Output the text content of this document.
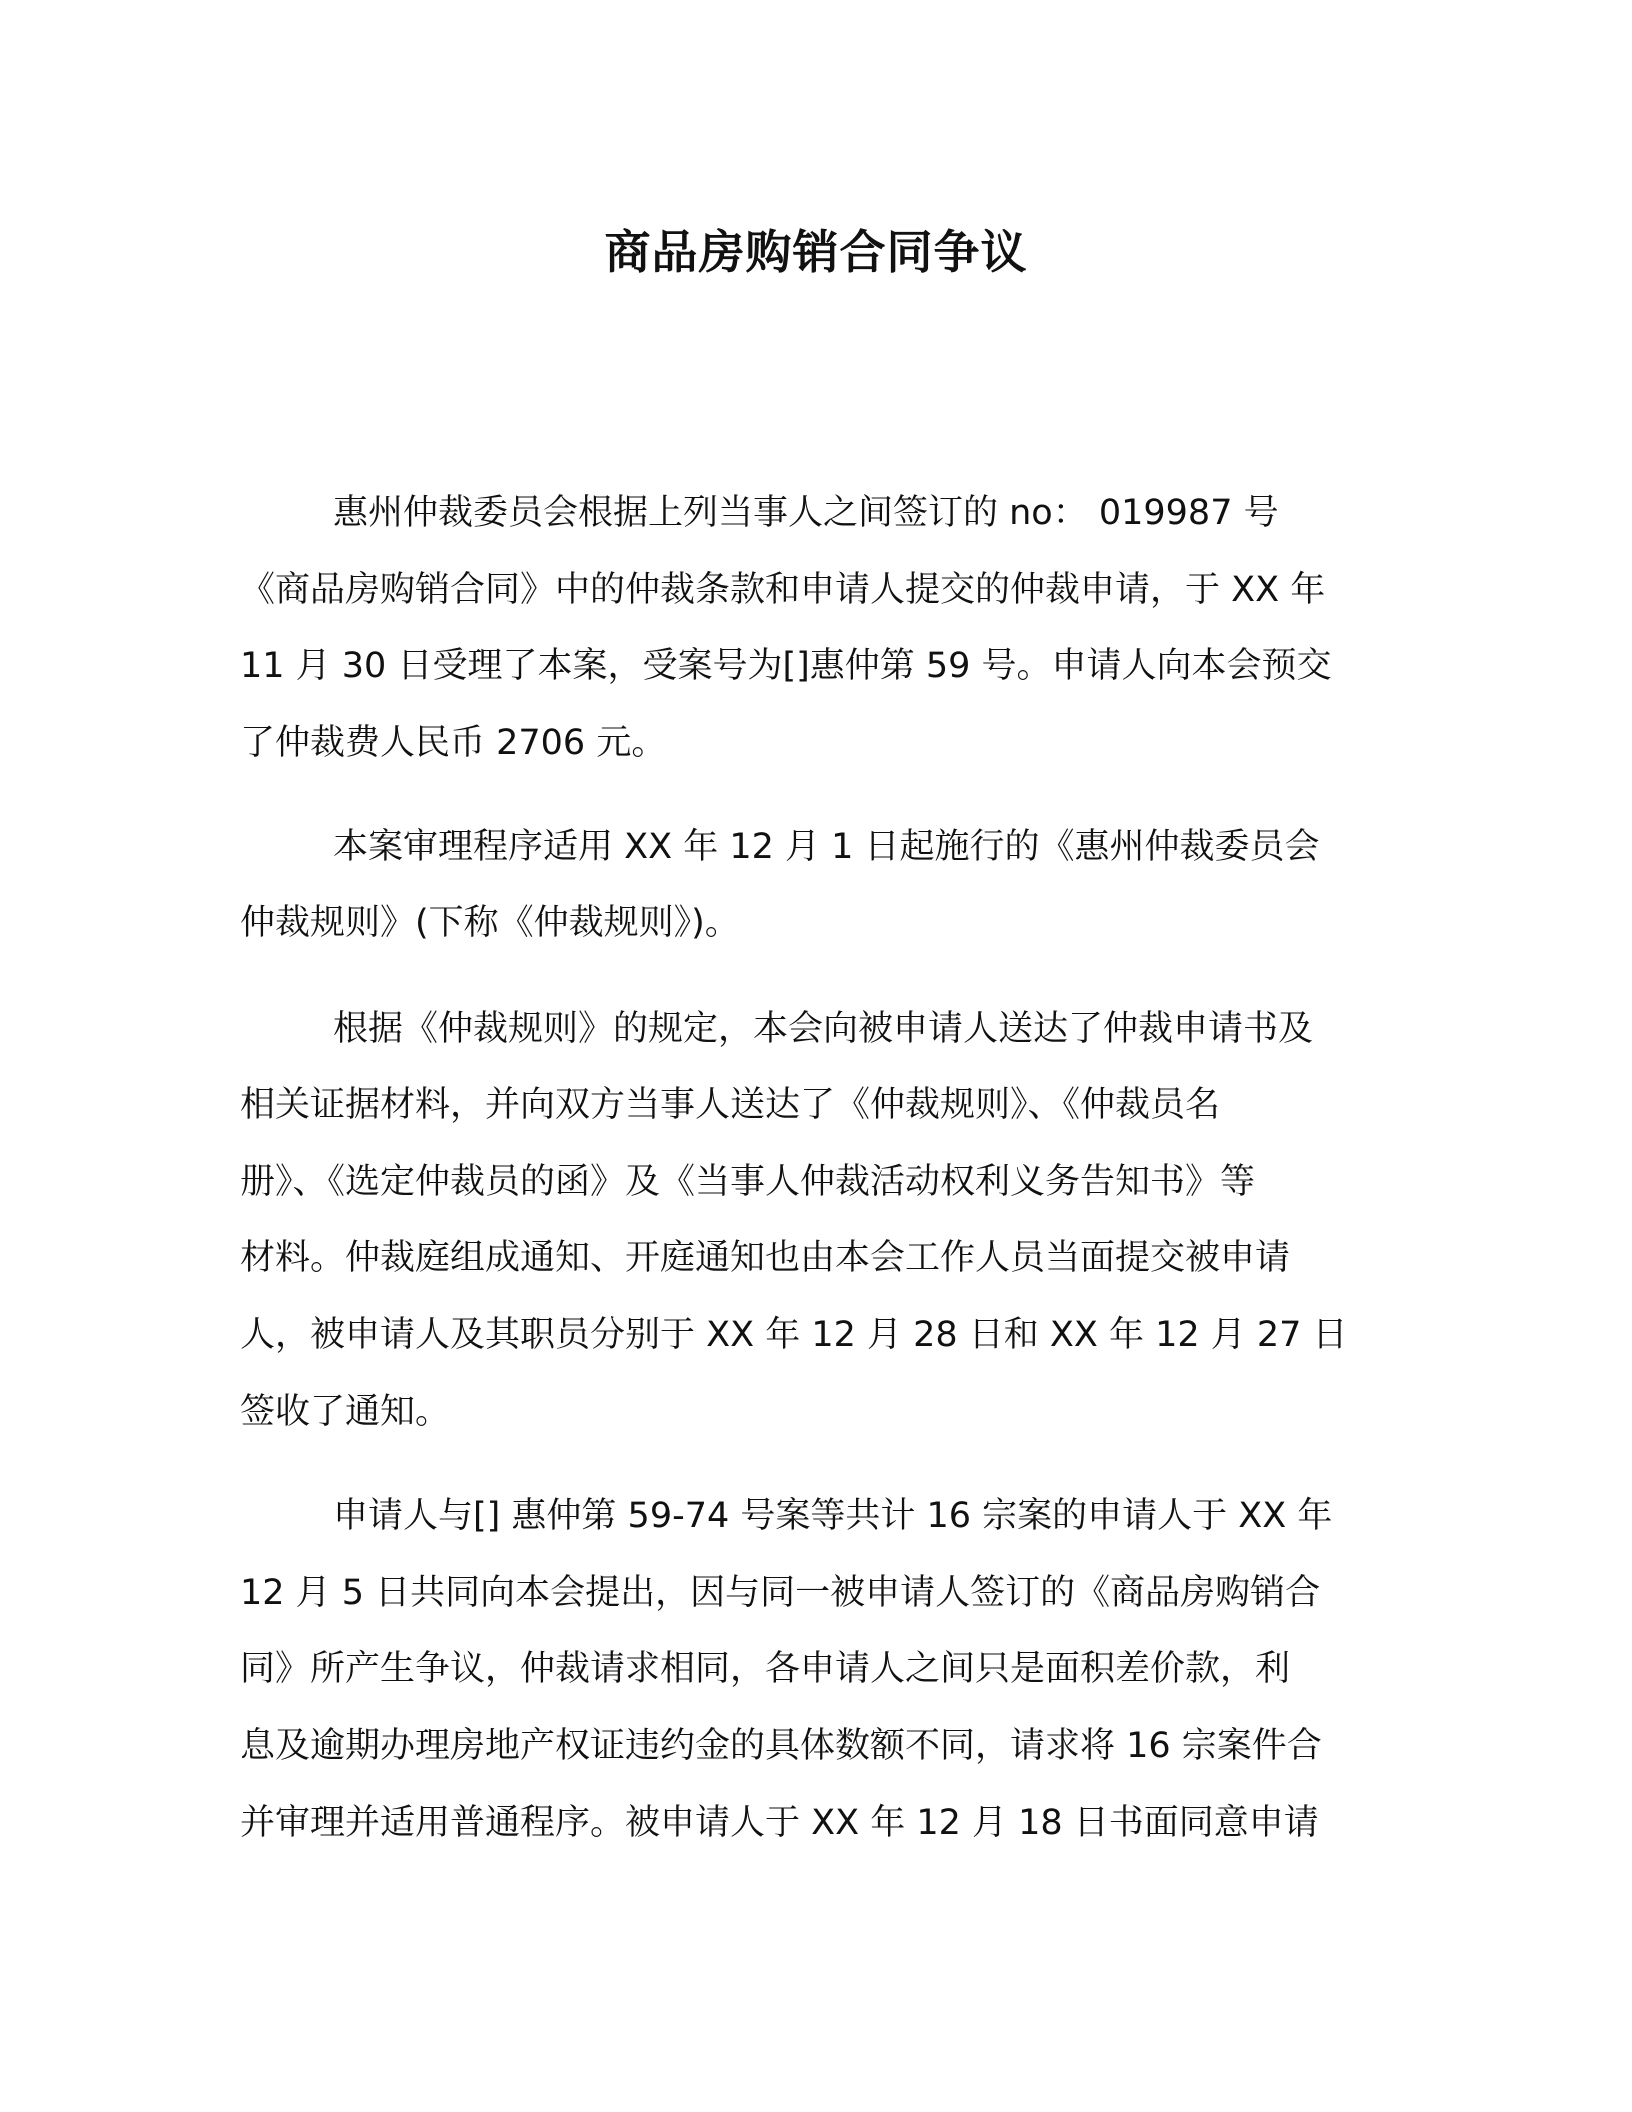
商品房购销合同争议
惠州仲裁委员会根据上列当事人之间签订的 no： 019987 号
《商品房购销合同》中的仲裁条款和申请人提交的仲裁申请，于 XX 年
11 月 30 日受理了本案，受案号为[]惠仲第 59 号。申请人向本会预交
了仲裁费人民币 2706 元。
本案审理程序适用 XX 年 12 月 1 日起施行的《惠州仲裁委员会
仲裁规则》(下称《仲裁规则》)。
根据《仲裁规则》的规定，本会向被申请人送达了仲裁申请书及
相关证据材料，并向双方当事人送达了《仲裁规则》、《仲裁员名
册》、《选定仲裁员的函》及《当事人仲裁活动权利义务告知书》等
材料。仲裁庭组成通知、开庭通知也由本会工作人员当面提交被申请
人，被申请人及其职员分别于 XX 年 12 月 28 日和 XX 年 12 月 27 日
签收了通知。
申请人与[] 惠仲第 59-74 号案等共计 16 宗案的申请人于 XX 年
12 月 5 日共同向本会提出，因与同一被申请人签订的《商品房购销合
同》所产生争议，仲裁请求相同，各申请人之间只是面积差价款，利
息及逾期办理房地产权证违约金的具体数额不同，请求将 16 宗案件合
并审理并适用普通程序。被申请人于 XX 年 12 月 18 日书面同意申请
